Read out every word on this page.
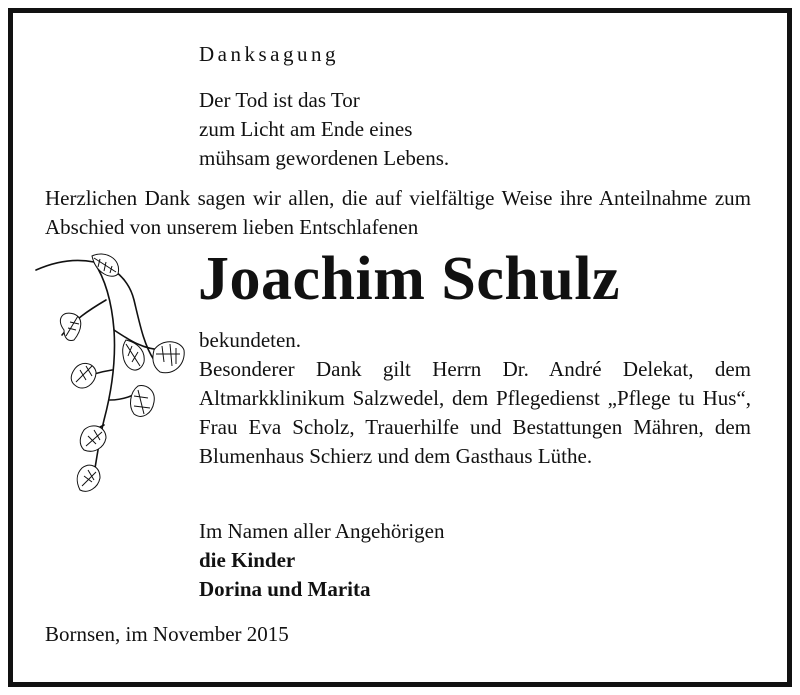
Danksagung
Der Tod ist das Tor
zum Licht am Ende eines
mühsam gewordenen Lebens.
Herzlichen Dank sagen wir allen, die auf vielfältige Weise ihre Anteilnahme zum Abschied von unserem lieben Entschlafenen
Joachim Schulz
bekundeten.
Besonderer Dank gilt Herrn Dr. André Delekat, dem Altmarkklinikum Salzwedel, dem Pflegedienst „Pflege tu Hus“, Frau Eva Scholz, Trauerhilfe und Bestattungen Mähren, dem Blumenhaus Schierz und dem Gasthaus Lüthe.
Im Namen aller Angehörigen
die Kinder
Dorina und Marita
Bornsen, im November 2015
